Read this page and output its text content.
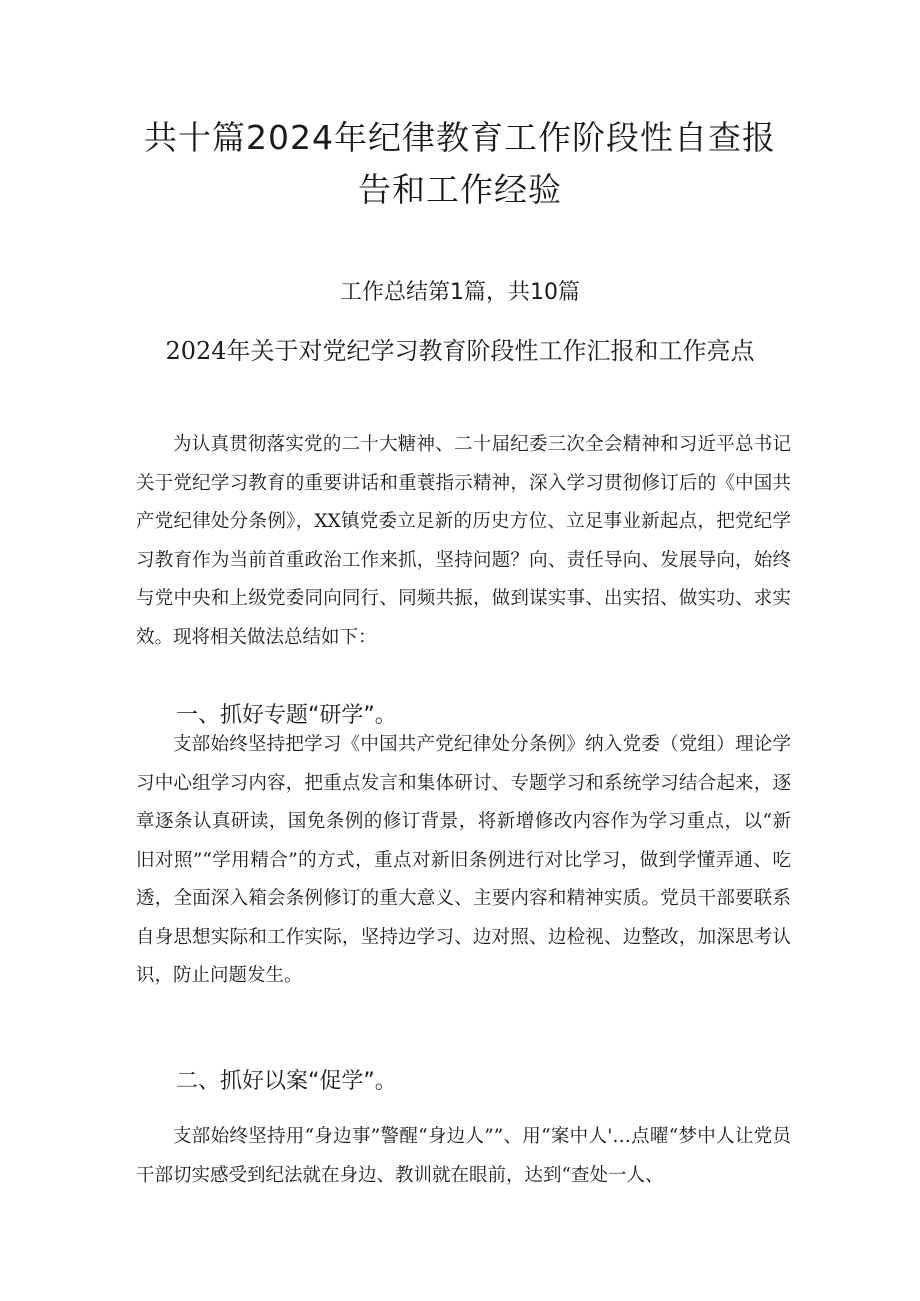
共十篇2024年纪律教育工作阶段性自查报告和工作经验
工作总结第1篇，共10篇
2024年关于对党纪学习教育阶段性工作汇报和工作亮点

为认真贯彻落实党的二十大糖神、二十届纪委三次全会精神和习近平总书记关于党纪学习教育的重要讲话和重蓑指示精神，深入学习贯彻修订后的《中国共产党纪律处分条例》，XX镇党委立足新的历史方位、立足事业新起点，把党纪学习教育作为当前首重政治工作来抓，坚持问题？向、责任导向、发展导向，始终与党中央和上级党委同向同行、同频共振，做到谋实事、出实招、做实功、求实效。现将相关做法总结如下：

一、抓好专题“研学”。

支部始终坚持把学习《中国共产党纪律处分条例》纳入党委（党组）理论学习中心组学习内容，把重点发言和集体研讨、专题学习和系统学习结合起来，逐章逐条认真研读，国免条例的修订背景，将新增修改内容作为学习重点，以“新旧对照”“学用精合”的方式，重点对新旧条例进行对比学习，做到学懂弄通、吃透，全面深入箱会条例修订的重大意义、主要内容和精神实质。党员干部要联系自身思想实际和工作实际，坚持边学习、边对照、边检视、边整改，加深思考认识，防止问题发生。

二、抓好以案“促学”。

支部始终坚持用“身边事”警醒“身边人””、用“案中人'…点曜“梦中人让党员干部切实感受到纪法就在身边、教训就在眼前，达到“查处一人、
